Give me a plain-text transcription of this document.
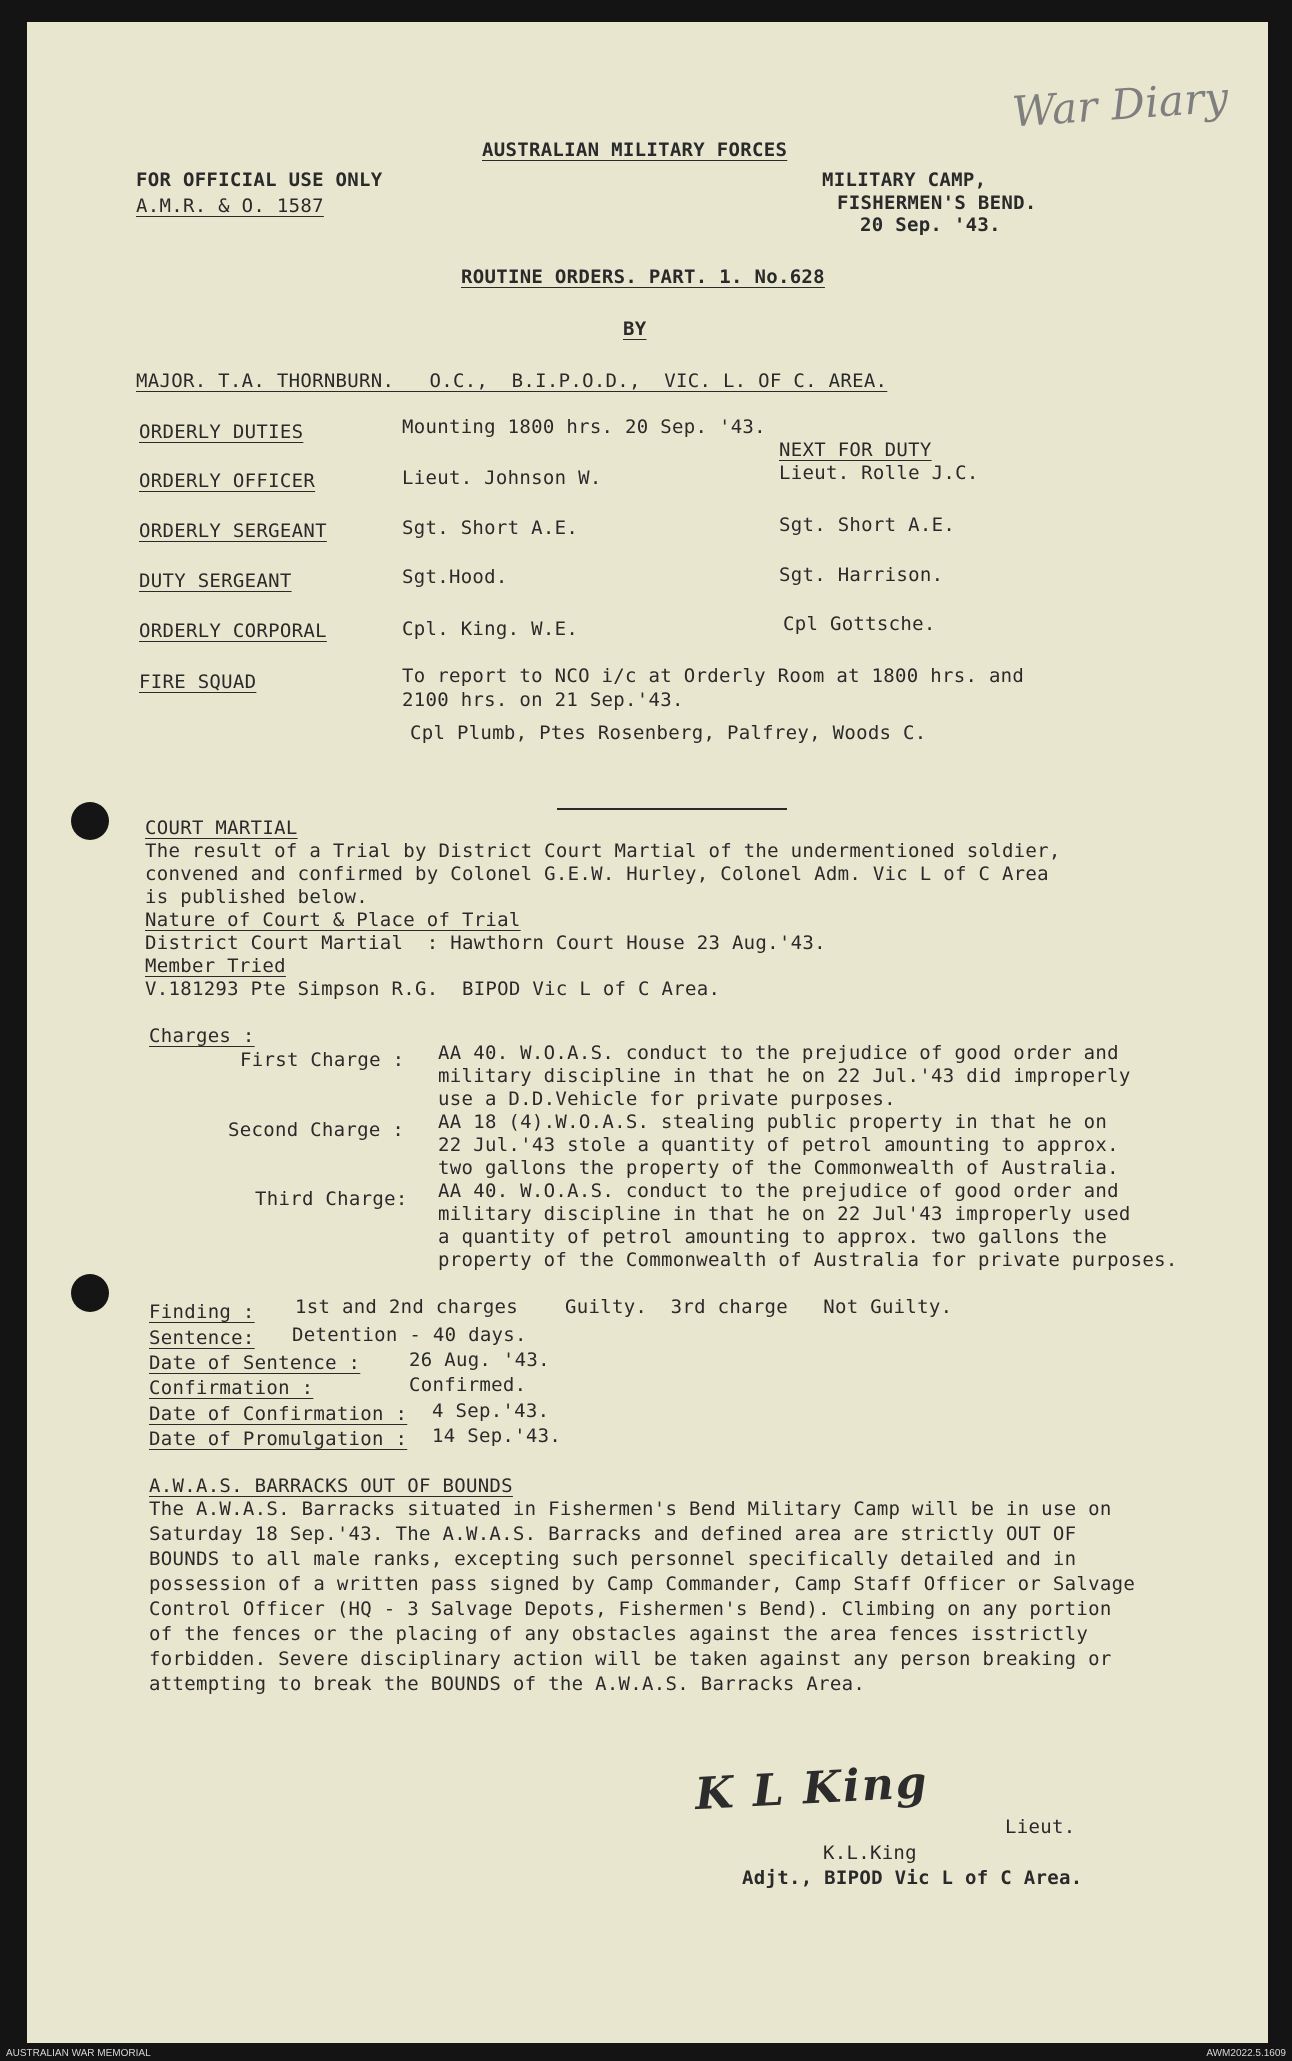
War Diary
FOR OFFICIAL USE ONLY
A.M.R. & O. 1587
AUSTRALIAN MILITARY FORCES
MILITARY CAMP,
FISHERMEN'S BEND.
20 Sep. '43.
ROUTINE ORDERS. PART. 1. No.628
BY
MAJOR. T.A. THORNBURN.   O.C.,  B.I.P.O.D.,  VIC. L. OF C. AREA.
ORDERLY DUTIES	Mounting 1800 hrs. 20 Sep. '43.
NEXT FOR DUTY
ORDERLY OFFICER	Lieut. Johnson W.	Lieut. Rolle J.C.
ORDERLY SERGEANT	Sgt. Short A.E.	Sgt. Short A.E.
DUTY SERGEANT	Sgt.Hood.	Sgt. Harrison.
ORDERLY CORPORAL	Cpl. King. W.E.	Cpl Gottsche.
FIRE SQUAD	To report to NCO i/c at Orderly Room at 1800 hrs. and
2100 hrs. on 21 Sep.'43.
Cpl Plumb, Ptes Rosenberg, Palfrey, Woods C.
COURT MARTIAL
The result of a Trial by District Court Martial of the undermentioned soldier,
convened and confirmed by Colonel G.E.W. Hurley, Colonel Adm. Vic L of C Area
is published below.
Nature of Court & Place of Trial
District Court Martial  : Hawthorn Court House 23 Aug.'43.
Member Tried
V.181293 Pte Simpson R.G.  BIPOD Vic L of C Area.
Charges :
First Charge : AA 40. W.O.A.S. conduct to the prejudice of good order and
military discipline in that he on 22 Jul.'43 did improperly
use a D.D.Vehicle for private purposes.
Second Charge : AA 18 (4).W.O.A.S. stealing public property in that he on
22 Jul.'43 stole a quantity of petrol amounting to approx.
two gallons the property of the Commonwealth of Australia.
Third Charge: AA 40. W.O.A.S. conduct to the prejudice of good order and
military discipline in that he on 22 Jul'43 improperly used
a quantity of petrol amounting to approx. two gallons the
property of the Commonwealth of Australia for private purposes.
Finding : 1st and 2nd charges    Guilty.  3rd charge   Not Guilty.
Sentence: Detention - 40 days.
Date of Sentence :	26 Aug. '43.
Confirmation :	Confirmed.
Date of Confirmation : 4 Sep.'43.
Date of Promulgation : 14 Sep.'43.
A.W.A.S. BARRACKS OUT OF BOUNDS
The A.W.A.S. Barracks situated in Fishermen's Bend Military Camp will be in use on
Saturday 18 Sep.'43. The A.W.A.S. Barracks and defined area are strictly OUT OF
BOUNDS to all male ranks, excepting such personnel specifically detailed and in
possession of a written pass signed by Camp Commander, Camp Staff Officer or Salvage
Control Officer (HQ - 3 Salvage Depots, Fishermen's Bend). Climbing on any portion
of the fences or the placing of any obstacles against the area fences isstrictly
forbidden. Severe disciplinary action will be taken against any person breaking or
attempting to break the BOUNDS of the A.W.A.S. Barracks Area.
K L King
Lieut.
K.L.King
Adjt., BIPOD Vic L of C Area.
AUSTRALIAN WAR MEMORIAL	AWM2022.5.1609
